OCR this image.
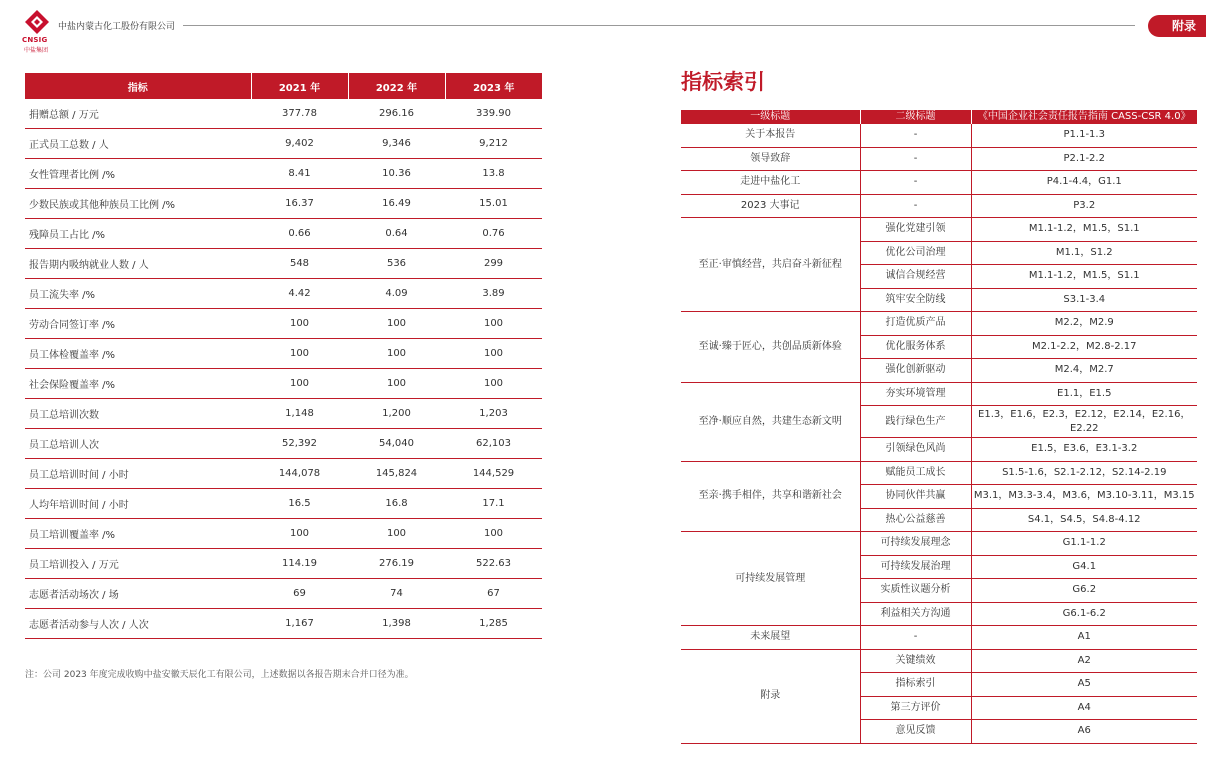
CNSIG
中盐集团
中盐内蒙古化工股份有限公司	附录
指标	2021 年	2022 年	2023 年
捐赠总额 / 万元	377.78	296.16	339.90
正式员工总数 / 人	9,402	9,346	9,212
女性管理者比例 /%	8.41	10.36	13.8
少数民族或其他种族员工比例 /%	16.37	16.49	15.01
残障员工占比 /%	0.66	0.64	0.76
报告期内吸纳就业人数 / 人	548	536	299
员工流失率 /%	4.42	4.09	3.89
劳动合同签订率 /%	100	100	100
员工体检覆盖率 /%	100	100	100
社会保险覆盖率 /%	100	100	100
员工总培训次数	1,148	1,200	1,203
员工总培训人次	52,392	54,040	62,103
员工总培训时间 / 小时	144,078	145,824	144,529
人均年培训时间 / 小时	16.5	16.8	17.1
员工培训覆盖率 /%	100	100	100
员工培训投入 / 万元	114.19	276.19	522.63
志愿者活动场次 / 场	69	74	67
志愿者活动参与人次 / 人次	1,167	1,398	1,285
注：公司 2023 年度完成收购中盐安徽天辰化工有限公司，上述数据以各报告期末合并口径为准。
指标索引
一级标题	二级标题	《中国企业社会责任报告指南 CASS-CSR 4.0》
关于本报告	-	P1.1-1.3
领导致辞	-	P2.1-2.2
走进中盐化工	-	P4.1-4.4，G1.1
2023 大事记	-	P3.2
至正·审慎经营，共启奋斗新征程	强化党建引领	M1.1-1.2，M1.5，S1.1
	优化公司治理	M1.1，S1.2
	诚信合规经营	M1.1-1.2，M1.5，S1.1
	筑牢安全防线	S3.1-3.4
至诚·臻于匠心，共创品质新体验	打造优质产品	M2.2，M2.9
	优化服务体系	M2.1-2.2，M2.8-2.17
	强化创新驱动	M2.4，M2.7
至净·顺应自然，共建生态新文明	夯实环境管理	E1.1，E1.5
	践行绿色生产	E1.3，E1.6，E2.3，E2.12，E2.14，E2.16，E2.22
	引领绿色风尚	E1.5，E3.6，E3.1-3.2
至亲·携手相伴，共享和谐新社会	赋能员工成长	S1.5-1.6，S2.1-2.12，S2.14-2.19
	协同伙伴共赢	M3.1，M3.3-3.4，M3.6，M3.10-3.11，M3.15
	热心公益慈善	S4.1，S4.5，S4.8-4.12
可持续发展管理	可持续发展理念	G1.1-1.2
	可持续发展治理	G4.1
	实质性议题分析	G6.2
	利益相关方沟通	G6.1-6.2
未来展望	-	A1
附录	关键绩效	A2
	指标索引	A5
	第三方评价	A4
	意见反馈	A6
